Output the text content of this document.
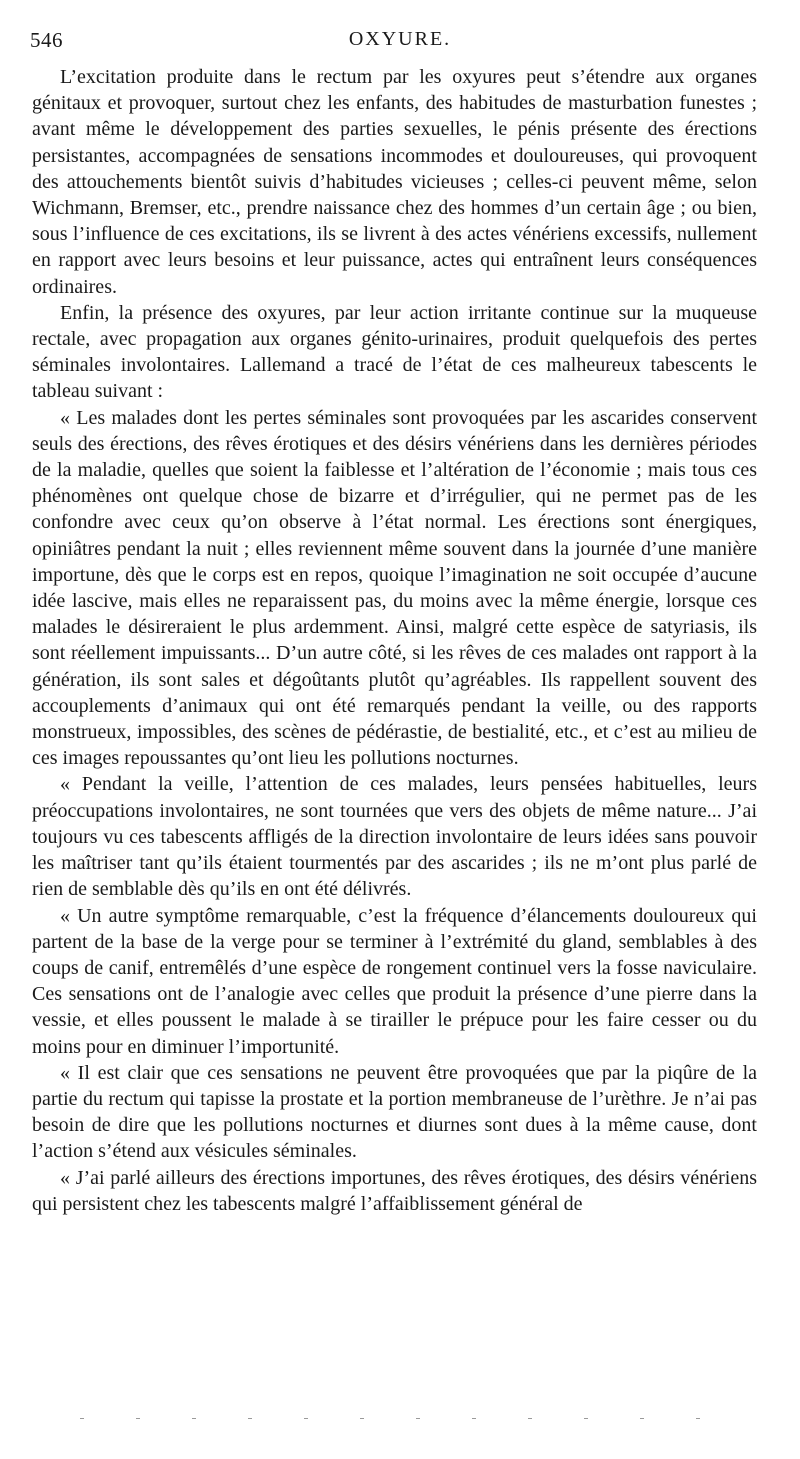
546	OXYURE.

L’excitation produite dans le rectum par les oxyures peut s’étendre aux organes génitaux et provoquer, surtout chez les enfants, des habitudes de masturbation funestes ; avant même le développement des parties sexuelles, le pénis présente des érections persistantes, accompagnées de sensations incommodes et douloureuses, qui provoquent des attouchements bientôt suivis d’habitudes vicieuses ; celles-ci peuvent même, selon Wichmann, Bremser, etc., prendre naissance chez des hommes d’un certain âge ; ou bien, sous l’influence de ces excitations, ils se livrent à des actes vénériens excessifs, nullement en rapport avec leurs besoins et leur puissance, actes qui entraînent leurs conséquences ordinaires.

Enfin, la présence des oxyures, par leur action irritante continue sur la muqueuse rectale, avec propagation aux organes génito-urinaires, produit quelquefois des pertes séminales involontaires. Lallemand a tracé de l’état de ces malheureux tabescents le tableau suivant :

« Les malades dont les pertes séminales sont provoquées par les ascarides conservent seuls des érections, des rêves érotiques et des désirs vénériens dans les dernières périodes de la maladie, quelles que soient la faiblesse et l’altération de l’économie ; mais tous ces phénomènes ont quelque chose de bizarre et d’irrégulier, qui ne permet pas de les confondre avec ceux qu’on observe à l’état normal. Les érections sont énergiques, opiniâtres pendant la nuit ; elles reviennent même souvent dans la journée d’une manière importune, dès que le corps est en repos, quoique l’imagination ne soit occupée d’aucune idée lascive, mais elles ne reparaissent pas, du moins avec la même énergie, lorsque ces malades le désireraient le plus ardemment. Ainsi, malgré cette espèce de satyriasis, ils sont réellement impuissants... D’un autre côté, si les rêves de ces malades ont rapport à la génération, ils sont sales et dégoûtants plutôt qu’agréables. Ils rappellent souvent des accouplements d’animaux qui ont été remarqués pendant la veille, ou des rapports monstrueux, impossibles, des scènes de pédérastie, de bestialité, etc., et c’est au milieu de ces images repoussantes qu’ont lieu les pollutions nocturnes.

« Pendant la veille, l’attention de ces malades, leurs pensées habituelles, leurs préoccupations involontaires, ne sont tournées que vers des objets de même nature... J’ai toujours vu ces tabescents affligés de la direction involontaire de leurs idées sans pouvoir les maîtriser tant qu’ils étaient tourmentés par des ascarides ; ils ne m’ont plus parlé de rien de semblable dès qu’ils en ont été délivrés.

« Un autre symptôme remarquable, c’est la fréquence d’élancements douloureux qui partent de la base de la verge pour se terminer à l’extrémité du gland, semblables à des coups de canif, entremêlés d’une espèce de rongement continuel vers la fosse naviculaire. Ces sensations ont de l’analogie avec celles que produit la présence d’une pierre dans la vessie, et elles poussent le malade à se tirailler le prépuce pour les faire cesser ou du moins pour en diminuer l’importunité.

« Il est clair que ces sensations ne peuvent être provoquées que par la piqûre de la partie du rectum qui tapisse la prostate et la portion membraneuse de l’urèthre. Je n’ai pas besoin de dire que les pollutions nocturnes et diurnes sont dues à la même cause, dont l’action s’étend aux vésicules séminales.

« J’ai parlé ailleurs des érections importunes, des rêves érotiques, des désirs vénériens qui persistent chez les tabescents malgré l’affaiblissement général de
